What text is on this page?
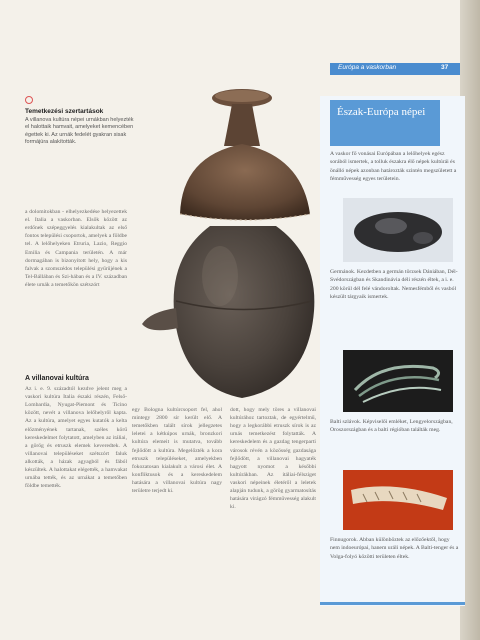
Európa a vaskorban	37
Temetkezési szertartások
A villanova kultúra népei urnákban helyezték el halottaik hamvait, amelyeket kemencében égettek ki. Az urnák fedelét gyakran sisak formájúra alakították.
a dolomitokban - elhelyezkedése helyezettek el. Italia a vaskorban. Elsők között az erdőnek szépeggyelés kialakultak az első fontos települési csoportok, amelyek a földbe tel. A lelőhelyeken Etruria, Lazio, Reggio Emilia és Campania területén. A már dormagában is bizonyított hely, hogy a kis falvak a szomszédos települési gyűrűjének a Tel-Bállában és Szi-hában és a IV. században élete urnák a temetőkön szétszórt
A villanovai kultúra
Az i. e. 9. századtól kezdve jelent meg a vaskori kultúra Italia északi részén, Felső-Lombardia, Nyugat-Piemont és Ticino között, nevét a villanova lelőhelyről kapta. Az a kultúra, amelyet egyes kutatók a kelta előzményének tartanak, széles körű kereskedelmet folytatott, amelyben az itáliai, a görög és etruszk elemek keveredtek. A villanovai településeket szétszórt faluk alkották, a házak agyagból és fából készültek. A halottakat elégették, a hamvakat urnába tették, és az urnákat a temetőben földbe temették.
egy Bologna kultúrcsoport fel, ahol mintegy 2800 sír került elő. A temetőkben talált sírok jellegzetes leletei a kétkúpos urnák, bronzkori kultúra elemeit is mutatva, tovább fejlődött a kultúra. Megelőzték a kora etruszk településeket, amelyekben fokozatosan kialakult a városi élet. A konfliktusok és a kereskedelem hatására a villanovai kultúra nagy területre terjedt ki.
dott, hogy mely töres a villanovai kultúrához tartoztak, de egyértelmű, hogy a legkorábbi etruszk sírok is az urnás temetkezést folytatták. A kereskedelem és a gazdag tengerparti városok révén a közösség gazdasága fejlődött, a villanovai hagyaték hagyott nyomot a későbbi kultúrákban. Az itáliai-félsziget vaskori népeinek életéről a leletek alapján tudunk, a görög gyarmatosítás hatására virágzó fémművesség alakult ki.
Észak-Európa népei
A vaskor fő vonásai Európában a lelőhelyek egész sorából ismertek, a tolluk északra élő népek kultúrái és önálló népek azonban határozták szintén megszületett a fémművesség egyes területein.
Germánok. Kezdetben a germán törzsek Dániában, Dél-Svédországban és Skandinávia déli részén éltek, a i. e. 200 körül dél felé vándoroltak. Nemesfémből és vasból készült tárgyaik ismertek.
Balti szlávok. Képviselői emléket, Lengyelországban, Oroszországban és a balti régióban találták meg.
Finnugorok. Abban különböztek az előzőektől, hogy nem indoeurópai, hanem uráli népek. A Balti-tenger és a Volga-folyó közötti területen éltek.
